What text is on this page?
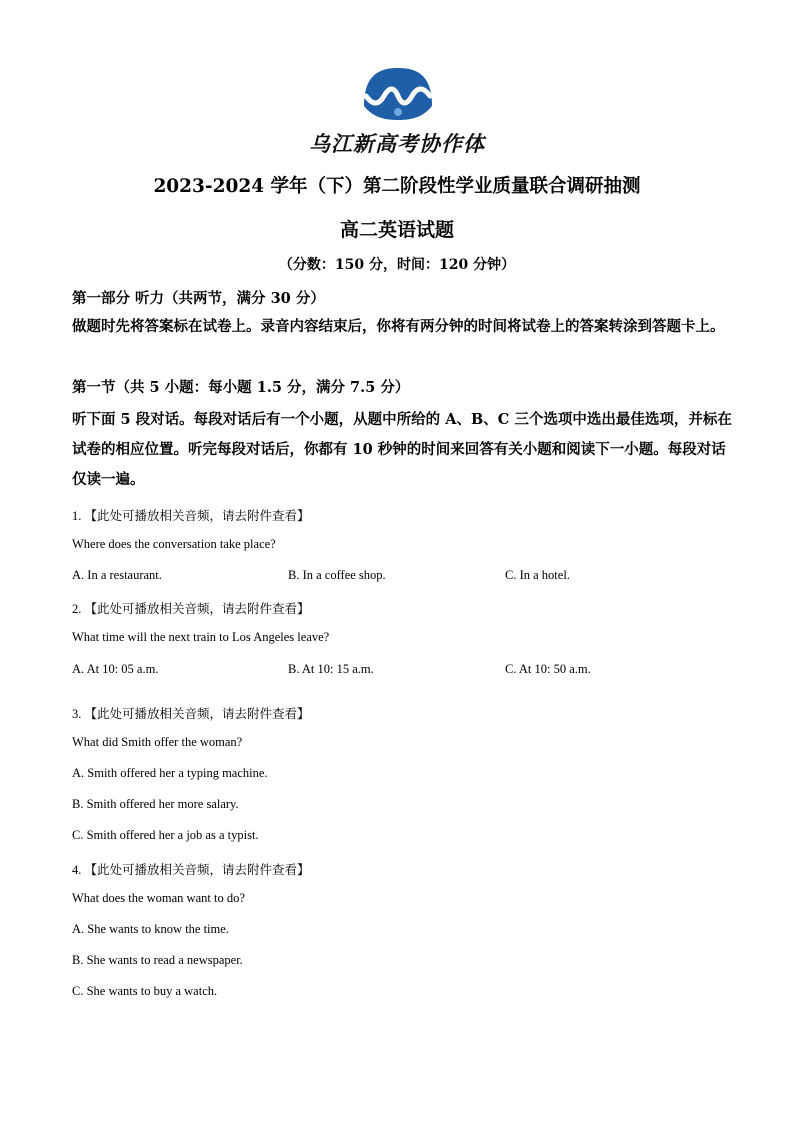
乌江新高考协作体
2023-2024 学年（下）第二阶段性学业质量联合调研抽测
高二英语试题
（分数：150 分，时间：120 分钟）
第一部分 听力（共两节，满分 30 分）
做题时先将答案标在试卷上。录音内容结束后，你将有两分钟的时间将试卷上的答案转涂到答题卡上。
第一节（共 5 小题：每小题 1.5 分，满分 7.5 分）
听下面 5 段对话。每段对话后有一个小题，从题中所给的 A、B、C 三个选项中选出最佳选项，并标在试卷的相应位置。听完每段对话后，你都有 10 秒钟的时间来回答有关小题和阅读下一小题。每段对话仅读一遍。
1. 【此处可播放相关音频，请去附件查看】
Where does the conversation take place?
A. In a restaurant.	B. In a coffee shop.	C. In a hotel.
2. 【此处可播放相关音频，请去附件查看】
What time will the next train to Los Angeles leave?
A. At 10: 05 a.m.	B. At 10: 15 a.m.	C. At 10: 50 a.m.
3. 【此处可播放相关音频，请去附件查看】
What did Smith offer the woman?
A. Smith offered her a typing machine.
B. Smith offered her more salary.
C. Smith offered her a job as a typist.
4. 【此处可播放相关音频，请去附件查看】
What does the woman want to do?
A. She wants to know the time.
B. She wants to read a newspaper.
C. She wants to buy a watch.
